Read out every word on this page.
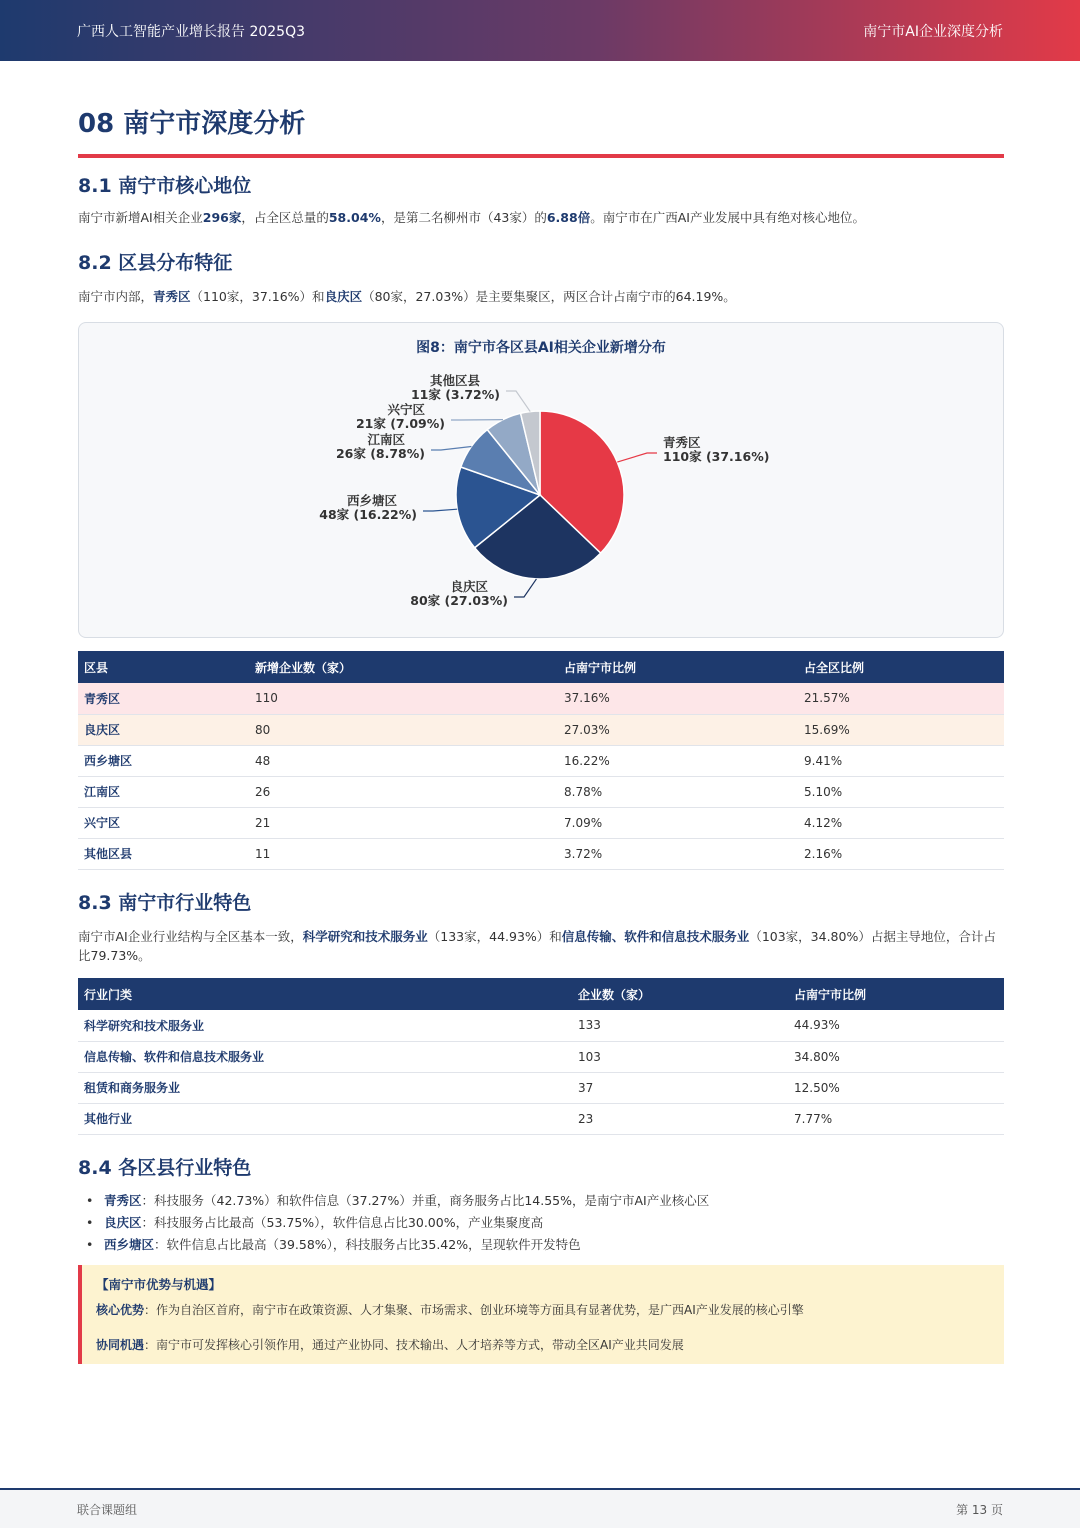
广西人工智能产业增长报告 2025Q3	南宁市AI企业深度分析
08 南宁市深度分析
8.1 南宁市核心地位

南宁市新增AI相关企业296家，占全区总量的58.04%，是第二名柳州市（43家）的6.88倍。南宁市在广西AI产业发展中具有绝对核心地位。

8.2 区县分布特征

南宁市内部，青秀区（110家，37.16%）和良庆区（80家，27.03%）是主要集聚区，两区合计占南宁市的64.19%。

图8：南宁市各区县AI相关企业新增分布
青秀区
110家 (37.16%)
良庆区
80家 (27.03%)
西乡塘区
48家 (16.22%)
江南区
26家 (8.78%)
兴宁区
21家 (7.09%)
其他区县
11家 (3.72%)
区县	新增企业数（家）	占南宁市比例	占全区比例
青秀区	110	37.16%	21.57%
良庆区	80	27.03%	15.69%
西乡塘区	48	16.22%	9.41%
江南区	26	8.78%	5.10%
兴宁区	21	7.09%	4.12%
其他区县	11	3.72%	2.16%
8.3 南宁市行业特色

南宁市AI企业行业结构与全区基本一致，科学研究和技术服务业（133家，44.93%）和信息传输、软件和信息技术服务业（103家，34.80%）占据主导地位，合计占比79.73%。

行业门类	企业数（家）	占南宁市比例
科学研究和技术服务业	133	44.93%
信息传输、软件和信息技术服务业	103	34.80%
租赁和商务服务业	37	12.50%
其他行业	23	7.77%
8.4 各区县行业特色
• 青秀区：科技服务（42.73%）和软件信息（37.27%）并重，商务服务占比14.55%，是南宁市AI产业核心区
• 良庆区：科技服务占比最高（53.75%），软件信息占比30.00%，产业集聚度高
• 西乡塘区：软件信息占比最高（39.58%），科技服务占比35.42%，呈现软件开发特色
【南宁市优势与机遇】
核心优势：作为自治区首府，南宁市在政策资源、人才集聚、市场需求、创业环境等方面具有显著优势，是广西AI产业发展的核心引擎
协同机遇：南宁市可发挥核心引领作用，通过产业协同、技术输出、人才培养等方式，带动全区AI产业共同发展
联合课题组	第 13 页
